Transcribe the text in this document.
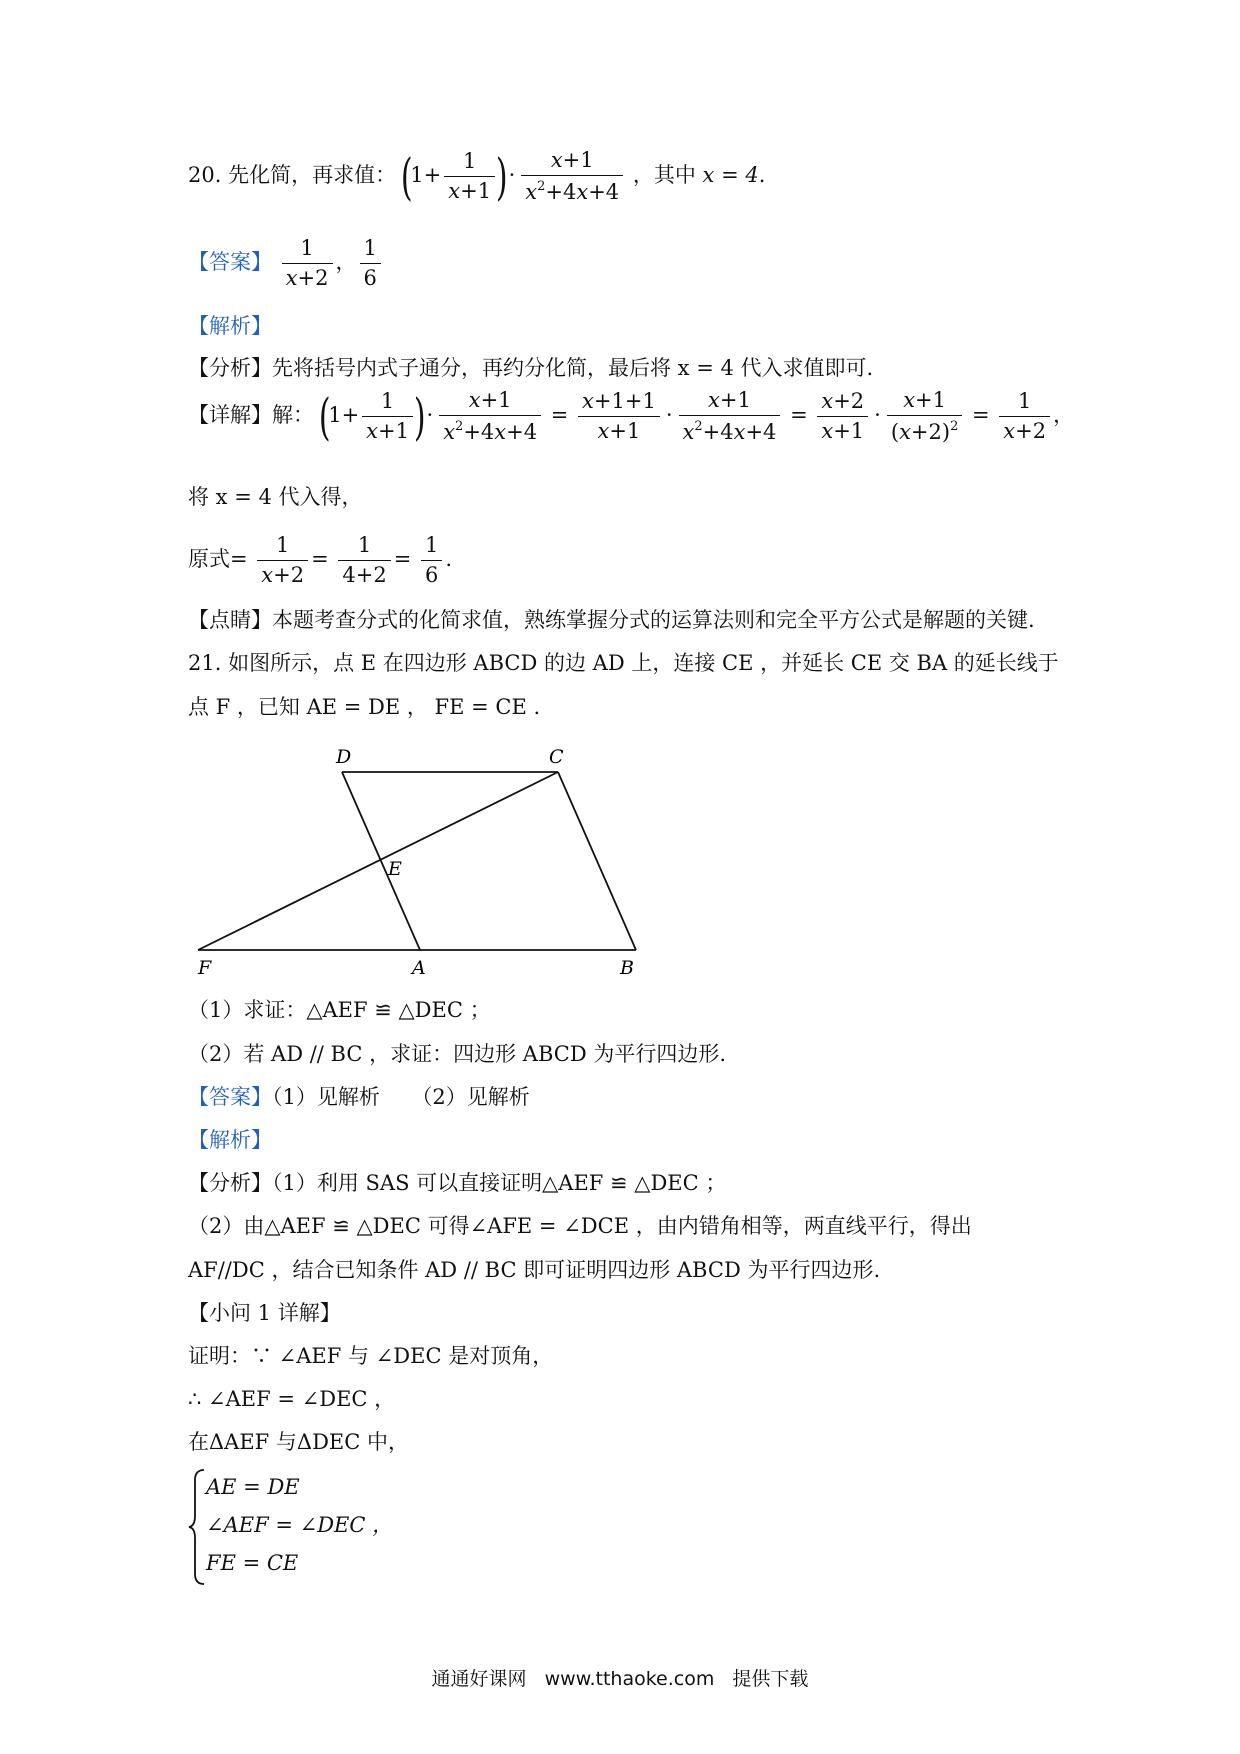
20. 先化简，再求值： ($1+ \frac{1}{x+1}$ )· $\frac{x+1}{x^2+4x+4}$ ，其中 x = 4.
【答案】 $\frac{1}{x+2}$ ， $\frac{1}{6}$
【解析】
【分析】先将括号内式子通分，再约分化简，最后将 x = 4 代入求值即可.
【详解】解： ($1+ \frac{1}{x+1}$ )· $\frac{x+1}{x^2+4x+4} = \frac{x+1+1}{x+1} \cdot \frac{x+1}{x^2+4x+4} = \frac{x+2}{x+1} \cdot \frac{x+1}{(x+2)^2} = \frac{1}{x+2}$ ，
将 x = 4 代入得，
原式= $\frac{1}{x+2} = \frac{1}{4+2} = \frac{1}{6}$ .
【点睛】本题考查分式的化简求值，熟练掌握分式的运算法则和完全平方公式是解题的关键.
21. 如图所示，点 E 在四边形 ABCD 的边 AD 上，连接 CE ，并延长 CE 交 BA 的延长线于
点 F ，已知 AE = DE ， FE = CE .
D	C
E
F	A	B
（1）求证：△AEF ≌ △DEC ；
（2）若 AD // BC ，求证：四边形 ABCD 为平行四边形.
【答案】（1）见解析　　（2）见解析
【解析】
【分析】（1）利用 SAS 可以直接证明△AEF ≌ △DEC ；
（2）由△AEF ≌ △DEC 可得∠AFE = ∠DCE ，由内错角相等，两直线平行，得出
AF//DC ，结合已知条件 AD // BC 即可证明四边形 ABCD 为平行四边形.
【小问 1 详解】
证明：∵ ∠AEF 与 ∠DEC 是对顶角，
∴ ∠AEF = ∠DEC ，
在ΔAEF 与ΔDEC 中，
AE = DE
∠AEF = ∠DEC ，
FE = CE
通通好课网 www.tthaoke.com 提供下载
